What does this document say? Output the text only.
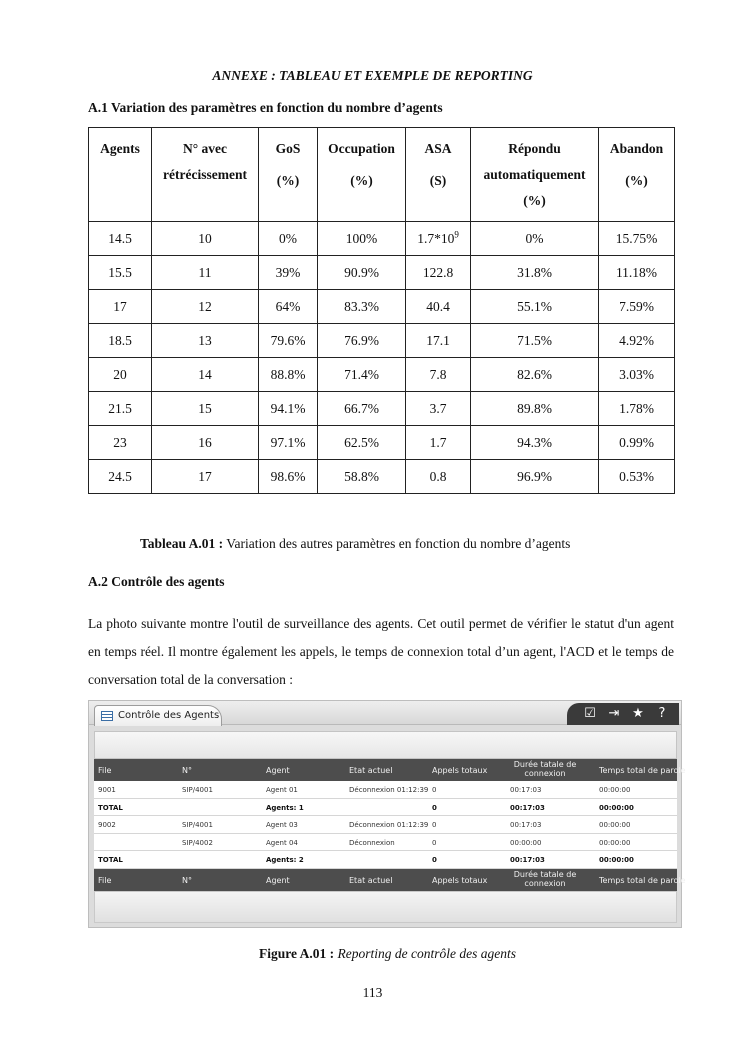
ANNEXE : TABLEAU ET EXEMPLE DE REPORTING
A.1 Variation des paramètres en fonction du nombre d’agents
Agents	N° avec
rétrécissement	GoS
(%)	Occupation
(%)	ASA
(S)	Répondu
automatiquement
(%)	Abandon
(%)

14.5	10	0%	100%	$1.7*10^9$	0%	15.75%
15.5	11	39%	90.9%	122.8	31.8%	11.18%
17	12	64%	83.3%	40.4	55.1%	7.59%
18.5	13	79.6%	76.9%	17.1	71.5%	4.92%
20	14	88.8%	71.4%	7.8	82.6%	3.03%
21.5	15	94.1%	66.7%	3.7	89.8%	1.78%
23	16	97.1%	62.5%	1.7	94.3%	0.99%
24.5	17	98.6%	58.8%	0.8	96.9%	0.53%
Tableau A.01 : Variation des autres paramètres en fonction du nombre d’agents
A.2 Contrôle des agents
La photo suivante montre l'outil de surveillance des agents. Cet outil permet de vérifier le statut d'un agent en temps réel. Il montre également les appels, le temps de connexion total d’un agent, l'ACD et le temps de conversation total de la conversation :
Contrôle des Agents	☑ ⇥ ★ ?
File	N°	Agent	Etat actuel	Appels totaux
Durée tatale de connexion	Temps total de parole
9001	SIP/4001	Agent 01	Déconnexion 01:12:39 0	00:17:03	00:00:00
TOTAL	Agents: 1	0	00:17:03	00:00:00
9002	SIP/4001	Agent 03	Déconnexion 01:12:39 0	00:17:03	00:00:00
SIP/4002	Agent 04	Déconnexion	0	00:00:00	00:00:00
TOTAL	Agents: 2	0	00:17:03	00:00:00
File	N°	Agent	Etat actuel	Appels totaux
Durée tatale de connexion	Temps total de parole
Figure A.01 : Reporting de contrôle des agents
113
